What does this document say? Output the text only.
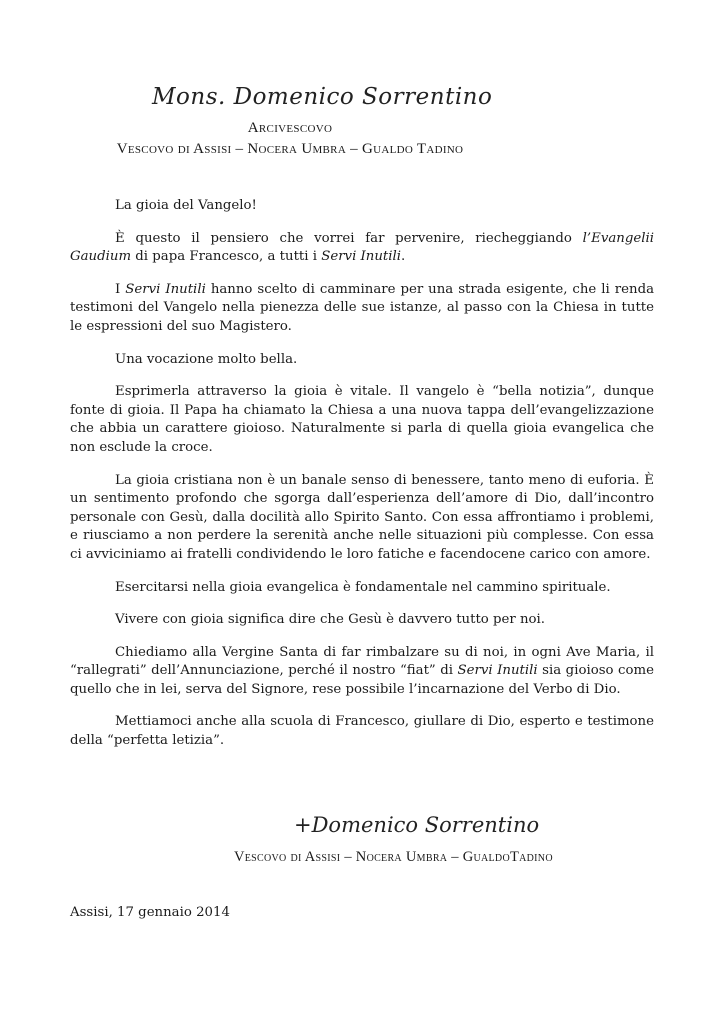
Mons. Domenico Sorrentino
Arcivescovo
Vescovo di Assisi – Nocera Umbra – Gualdo Tadino

La gioia del Vangelo!

È questo il pensiero che vorrei far pervenire, riecheggiando l’Evangelii Gaudium di papa Francesco, a tutti i Servi Inutili.

I Servi Inutili hanno scelto di camminare per una strada esigente, che li renda testimoni del Vangelo nella pienezza delle sue istanze, al passo con la Chiesa in tutte le espressioni del suo Magistero.

Una vocazione molto bella.

Esprimerla attraverso la gioia è vitale. Il vangelo è “bella notizia”, dunque fonte di gioia. Il Papa ha chiamato la Chiesa a una nuova tappa dell’evangelizzazione che abbia un carattere gioioso. Naturalmente si parla di quella gioia evangelica che non esclude la croce.

La gioia cristiana non è un banale senso di benessere, tanto meno di euforia. È un sentimento profondo che sgorga dall’esperienza dell’amore di Dio, dall’incontro personale con Gesù, dalla docilità allo Spirito Santo. Con essa affrontiamo i problemi, e riusciamo a non perdere la serenità anche nelle situazioni più complesse. Con essa ci avviciniamo ai fratelli condividendo le loro fatiche e facendocene carico con amore.

Esercitarsi nella gioia evangelica è fondamentale nel cammino spirituale.

Vivere con gioia significa dire che Gesù è davvero tutto per noi.

Chiediamo alla Vergine Santa di far rimbalzare su di noi, in ogni Ave Maria, il “rallegrati” dell’Annunciazione, perché il nostro “fiat” di Servi Inutili sia gioioso come quello che in lei, serva del Signore, rese possibile l’incarnazione del Verbo di Dio.

Mettiamoci anche alla scuola di Francesco, giullare di Dio, esperto e testimone della “perfetta letizia”.

+Domenico Sorrentino
Vescovo di Assisi – Nocera Umbra – GualdoTadino
Assisi, 17 gennaio 2014
